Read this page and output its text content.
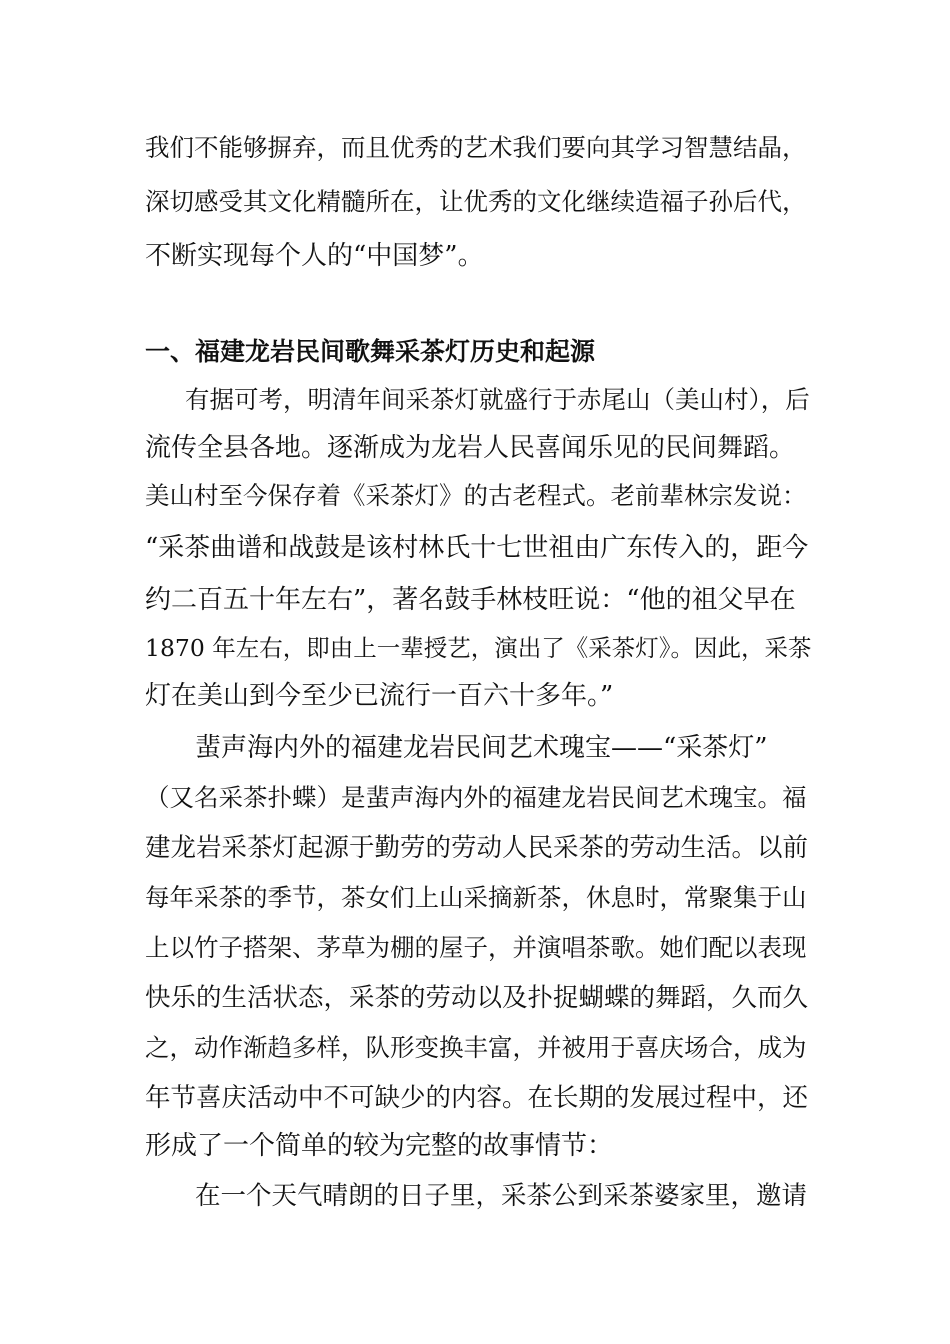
我们不能够摒弃，而且优秀的艺术我们要向其学习智慧结晶，
深切感受其文化精髓所在，让优秀的文化继续造福子孙后代，
不断实现每个人的“中国梦”。
一、福建龙岩民间歌舞采茶灯历史和起源
有据可考，明清年间采茶灯就盛行于赤尾山（美山村），后
流传全县各地。逐渐成为龙岩人民喜闻乐见的民间舞蹈。
美山村至今保存着《采茶灯》的古老程式。老前辈林宗发说：
“采茶曲谱和战鼓是该村林氏十七世祖由广东传入的，距今
约二百五十年左右”，著名鼓手林枝旺说：“他的祖父早在
1870 年左右，即由上一辈授艺，演出了《采茶灯》。因此，采茶
灯在美山到今至少已流行一百六十多年。”
蜚声海内外的福建龙岩民间艺术瑰宝——“采茶灯”
（又名采茶扑蝶）是蜚声海内外的福建龙岩民间艺术瑰宝。福
建龙岩采茶灯起源于勤劳的劳动人民采茶的劳动生活。以前
每年采茶的季节，茶女们上山采摘新茶，休息时，常聚集于山
上以竹子搭架、茅草为棚的屋子，并演唱茶歌。她们配以表现
快乐的生活状态，采茶的劳动以及扑捉蝴蝶的舞蹈，久而久
之，动作渐趋多样，队形变换丰富，并被用于喜庆场合，成为
年节喜庆活动中不可缺少的内容。在长期的发展过程中，还
形成了一个简单的较为完整的故事情节：
在一个天气晴朗的日子里，采茶公到采茶婆家里，邀请
